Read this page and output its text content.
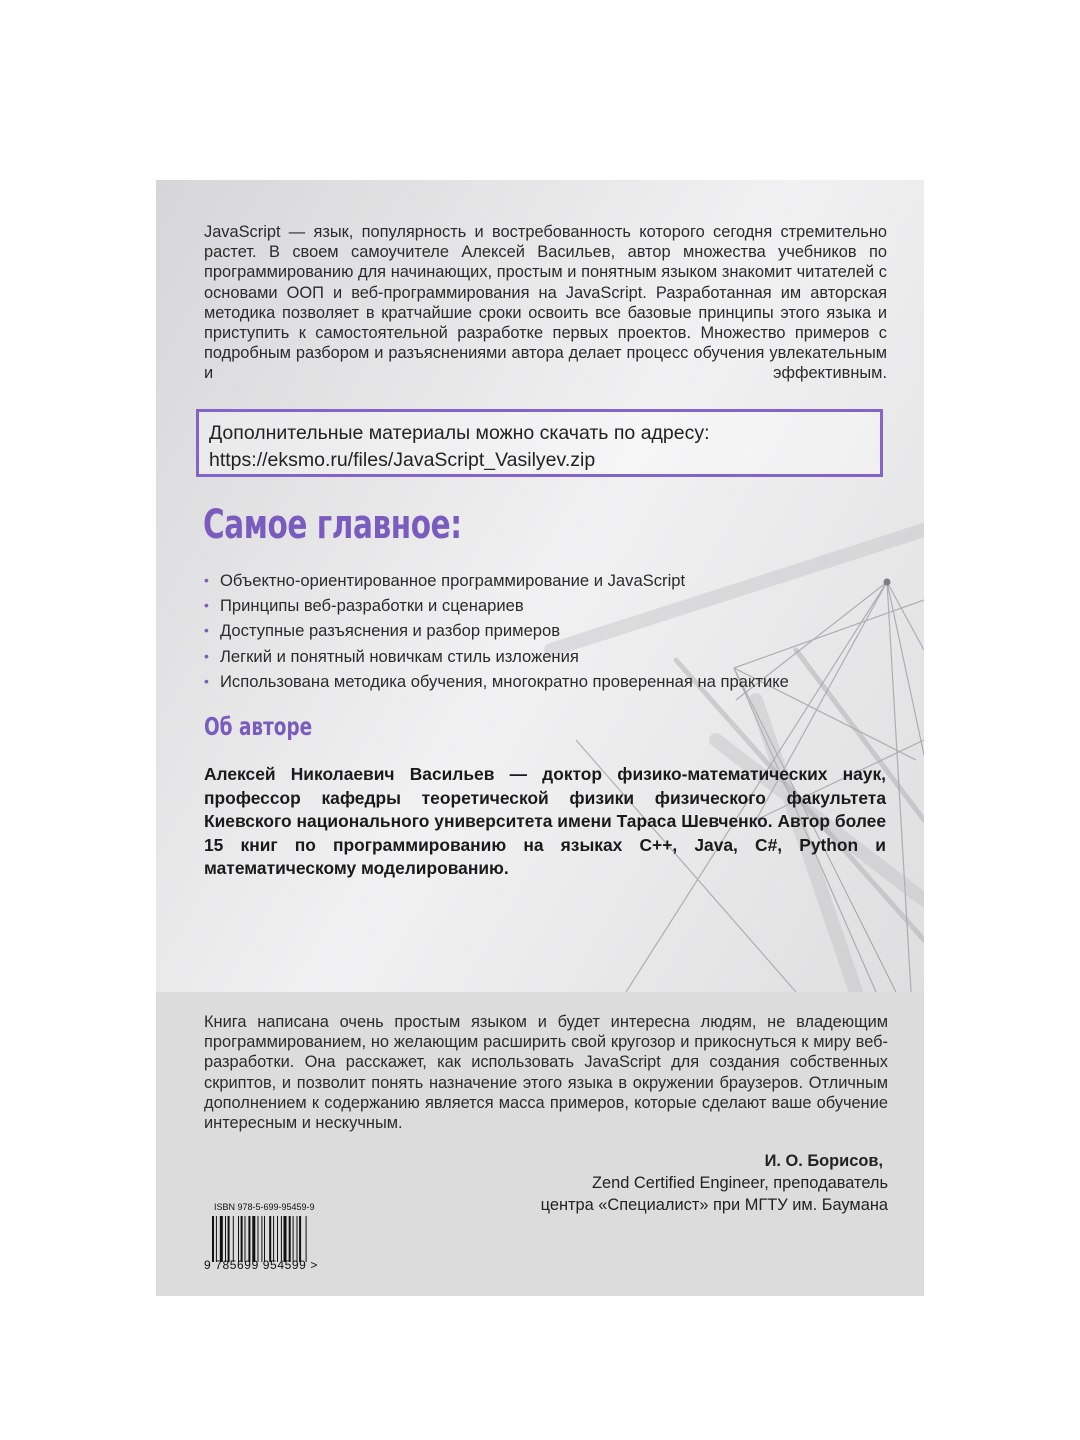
JavaScript — язык, популярность и востребованность которого сегодня стремительно растет. В своем самоучителе Алексей Васильев, автор множества учебников по программированию для начинающих, простым и понятным языком знакомит читателей с основами ООП и веб-программирования на JavaScript. Разработанная им авторская методика позволяет в кратчайшие сроки освоить все базовые принципы этого языка и приступить к самостоятельной разработке первых проектов. Множество примеров с подробным разбором и разъяснениями автора делает процесс обучения увлекательным и эффективным.

Дополнительные материалы можно скачать по адресу:
https://eksmo.ru/files/JavaScript_Vasilyev.zip
Самое главное:
• Объектно-ориентированное программирование и JavaScript
• Принципы веб-разработки и сценариев
• Доступные разъяснения и разбор примеров
• Легкий и понятный новичкам стиль изложения
• Использована методика обучения, многократно проверенная на практике
Об авторе

Алексей Николаевич Васильев — доктор физико-математических наук, профессор кафедры теоретической физики физического факультета Киевского национального университета имени Тараса Шевченко. Автор более 15 книг по программированию на языках С++, Java, C#, Python и математическому моделированию.

Книга написана очень простым языком и будет интересна людям, не владеющим программированием, но желающим расширить свой кругозор и прикоснуться к миру веб-разработки. Она расскажет, как использовать JavaScript для создания собственных скриптов, и позволит понять назначение этого языка в окружении браузеров. Отличным дополнением к содержанию является масса примеров, которые сделают ваше обучение интересным и нескучным.

И. О. Борисов,
Zend Certified Engineer, преподаватель
центра «Специалист» при МГТУ им. Баумана
ISBN 978-5-699-95459-9
9 785699 954599 >
